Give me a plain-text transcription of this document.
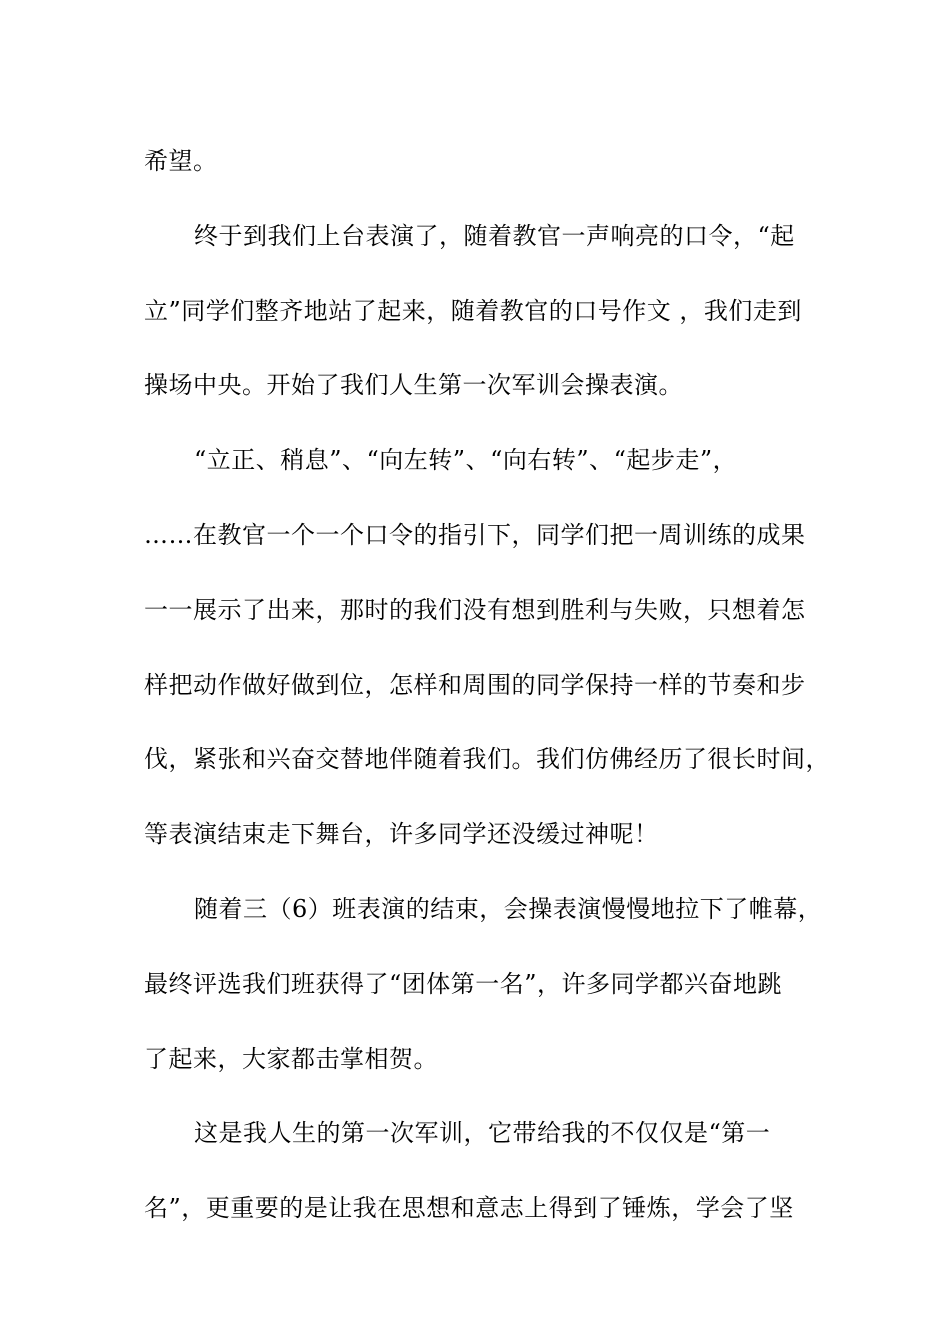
希望。
终于到我们上台表演了，随着教官一声响亮的口令，“起
立”同学们整齐地站了起来，随着教官的口号作文 ，我们走到
操场中央。开始了我们人生第一次军训会操表演。
“立正、稍息”、“向左转”、“向右转”、“起步走”，
……在教官一个一个口令的指引下，同学们把一周训练的成果
一一展示了出来，那时的我们没有想到胜利与失败，只想着怎
样把动作做好做到位，怎样和周围的同学保持一样的节奏和步
伐，紧张和兴奋交替地伴随着我们。我们仿佛经历了很长时间，
等表演结束走下舞台，许多同学还没缓过神呢！
随着三（6）班表演的结束，会操表演慢慢地拉下了帷幕，
最终评选我们班获得了“团体第一名”，许多同学都兴奋地跳
了起来，大家都击掌相贺。
这是我人生的第一次军训，它带给我的不仅仅是“第一
名”，更重要的是让我在思想和意志上得到了锤炼，学会了坚
